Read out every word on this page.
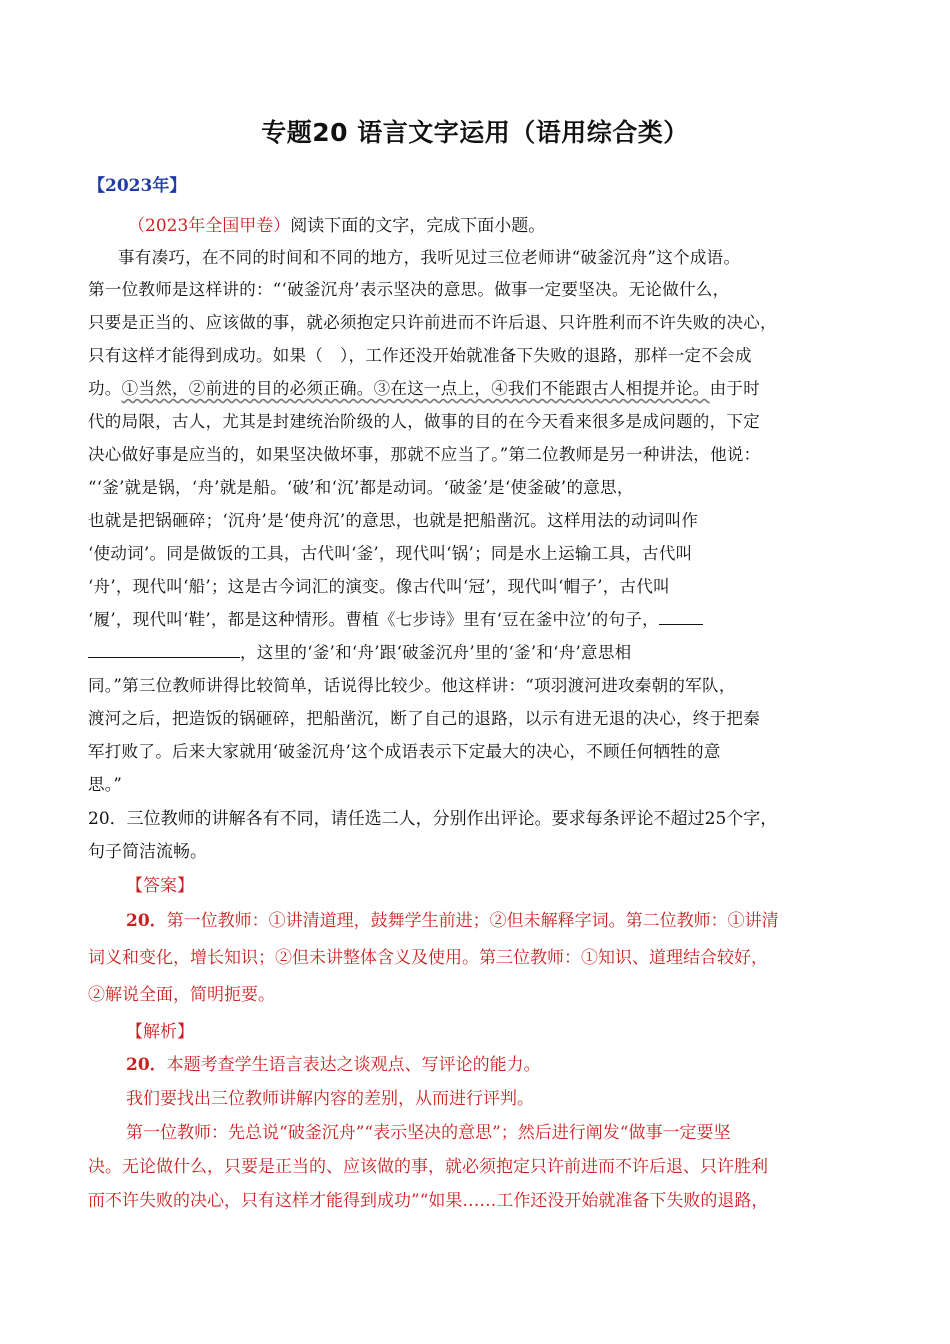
专题20 语言文字运用（语用综合类）
【2023年】
（2023年全国甲卷）阅读下面的文字，完成下面小题。
事有凑巧，在不同的时间和不同的地方，我听见过三位老师讲“破釜沉舟”这个成语。
第一位教师是这样讲的：“‘破釜沉舟’表示坚决的意思。做事一定要坚决。无论做什么，
只要是正当的、应该做的事，就必须抱定只许前进而不许后退、只许胜利而不许失败的决心，
只有这样才能得到成功。如果（　），工作还没开始就准备下失败的退路，那样一定不会成
功。①当然，②前进的目的必须正确。③在这一点上，④我们不能跟古人相提并论。由于时
代的局限，古人，尤其是封建统治阶级的人，做事的目的在今天看来很多是成问题的，下定
决心做好事是应当的，如果坚决做坏事，那就不应当了。”第二位教师是另一种讲法，他说：
“‘釜’就是锅，‘舟’就是船。‘破’和‘沉’都是动词。‘破釜’是‘使釜破’的意思，
也就是把锅砸碎；‘沉舟’是‘使舟沉’的意思，也就是把船凿沉。这样用法的动词叫作
‘使动词’。同是做饭的工具，古代叫‘釜’，现代叫‘锅’；同是水上运输工具，古代叫
‘舟’，现代叫‘船’；这是古今词汇的演变。像古代叫‘冠’，现代叫‘帽子’，古代叫
‘履’，现代叫‘鞋’，都是这种情形。曹植《七步诗》里有‘豆在釜中泣’的句子，
，这里的‘釜’和‘舟’跟‘破釜沉舟’里的‘釜’和‘舟’意思相
同。”第三位教师讲得比较简单，话说得比较少。他这样讲：“项羽渡河进攻秦朝的军队，
渡河之后，把造饭的锅砸碎，把船凿沉，断了自己的退路，以示有进无退的决心，终于把秦
军打败了。后来大家就用‘破釜沉舟’这个成语表示下定最大的决心，不顾任何牺牲的意
思。”
20．三位教师的讲解各有不同，请任选二人，分别作出评论。要求每条评论不超过25个字，
句子简洁流畅。
【答案】
20．第一位教师：①讲清道理，鼓舞学生前进；②但未解释字词。第二位教师：①讲清
词义和变化，增长知识；②但未讲整体含义及使用。第三位教师：①知识、道理结合较好，
②解说全面，简明扼要。
【解析】
20．本题考查学生语言表达之谈观点、写评论的能力。
我们要找出三位教师讲解内容的差别，从而进行评判。
第一位教师：先总说“破釜沉舟”“表示坚决的意思”；然后进行阐发“做事一定要坚
决。无论做什么，只要是正当的、应该做的事，就必须抱定只许前进而不许后退、只许胜利
而不许失败的决心，只有这样才能得到成功”“如果……工作还没开始就准备下失败的退路，
